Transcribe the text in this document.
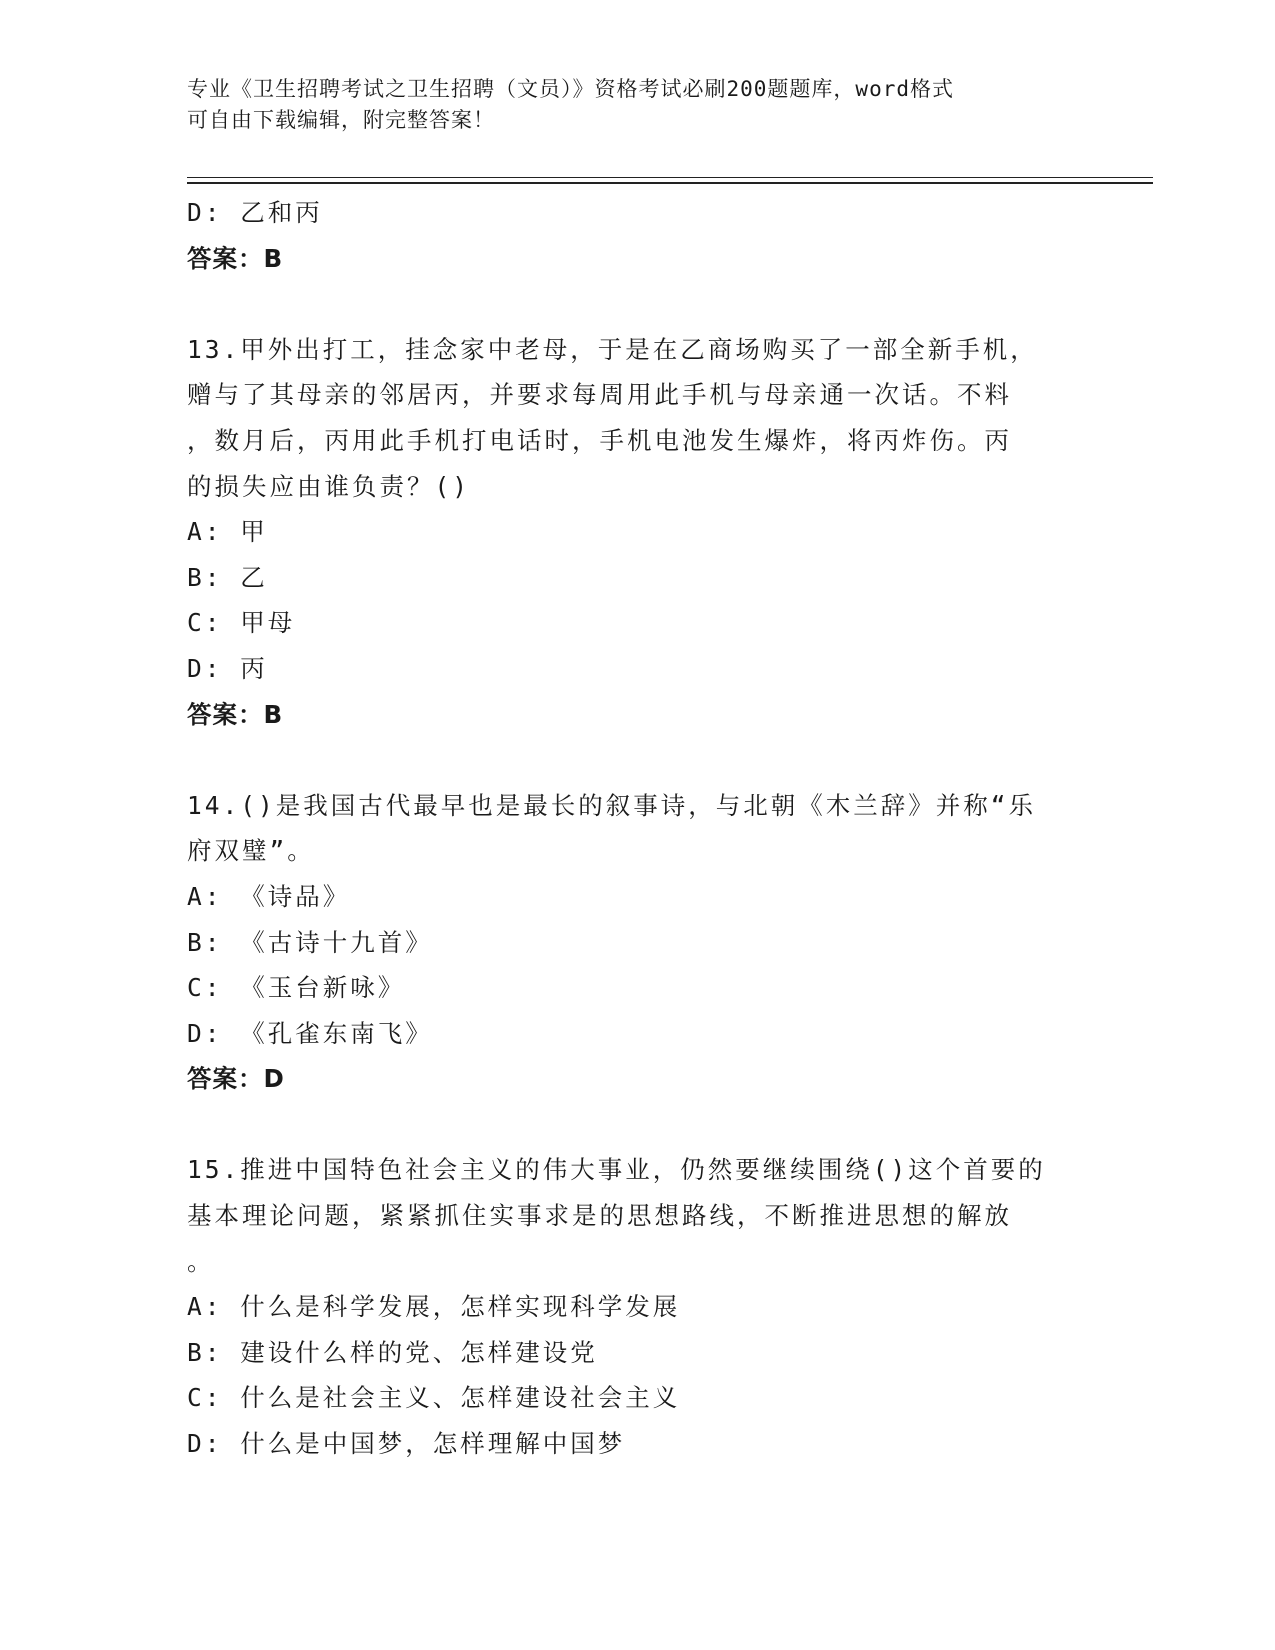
专业《卫生招聘考试之卫生招聘（文员）》资格考试必刷200题题库，word格式
可自由下载编辑，附完整答案！
D: 乙和丙
答案：B
13.甲外出打工，挂念家中老母，于是在乙商场购买了一部全新手机，
赠与了其母亲的邻居丙，并要求每周用此手机与母亲通一次话。不料
，数月后，丙用此手机打电话时，手机电池发生爆炸，将丙炸伤。丙
的损失应由谁负责？()
A: 甲
B: 乙
C: 甲母
D: 丙
答案：B
14.()是我国古代最早也是最长的叙事诗，与北朝《木兰辞》并称“乐
府双璧”。
A: 《诗品》
B: 《古诗十九首》
C: 《玉台新咏》
D: 《孔雀东南飞》
答案：D
15.推进中国特色社会主义的伟大事业，仍然要继续围绕()这个首要的
基本理论问题，紧紧抓住实事求是的思想路线，不断推进思想的解放
。
A: 什么是科学发展，怎样实现科学发展
B: 建设什么样的党、怎样建设党
C: 什么是社会主义、怎样建设社会主义
D: 什么是中国梦，怎样理解中国梦
